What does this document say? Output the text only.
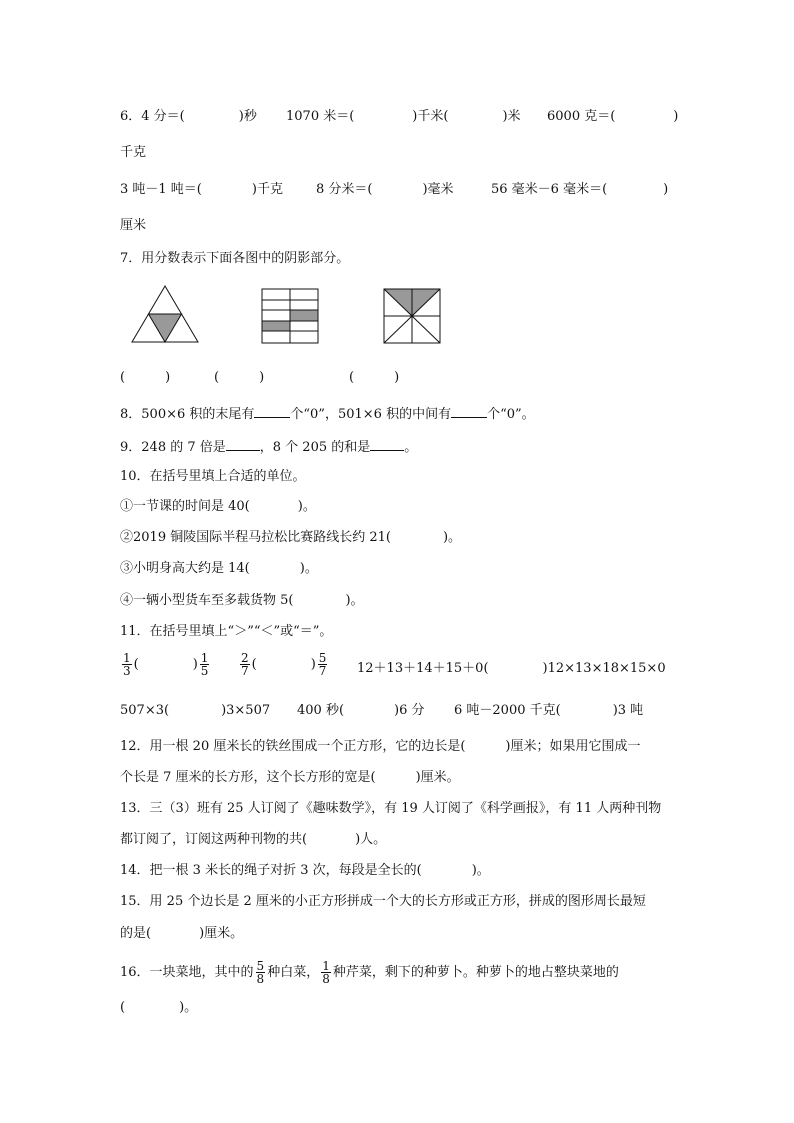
6．4 分＝(	)秒 1070 米＝(	)千米(	)米 6000 克＝(	)
千克
3 吨－1 吨＝(	)千克	8 分米＝(	)毫米	56 毫米－6 毫米＝(	)
厘米
7．用分数表示下面各图中的阴影部分。
(	)	(	)	(	)
8．500×6 积的末尾有	个“0”，501×6 积的中间有	个“0”。
9．248 的 7 倍是	，8 个 205 的和是	。
10．在括号里填上合适的单位。
①一节课的时间是 40(	)。
②2019 铜陵国际半程马拉松比赛路线长约 21(	)。
③小明身高大约是 14(	)。
④一辆小型货车至多载货物 5(	)。
11．在括号里填上“＞”“＜”或“＝”。
$\frac{1}{3}$ (	) $\frac{1}{5}$	$\frac{2}{7}$ (	) $\frac{5}{7} 12+13+14+15+0$(	)12×13×18×15×0
507×3(	)3×507 400 秒(	)6 分 6 吨－2000 千克(	)3 吨
12．用一根 20 厘米长的铁丝围成一个正方形，它的边长是(	)厘米；如果用它围成一
个长是 7 厘米的长方形，这个长方形的宽是(	)厘米。
13．三（3）班有 25 人订阅了《趣味数学》，有 19 人订阅了《科学画报》，有 11 人两种刊物
都订阅了，订阅这两种刊物的共(	)人。
14．把一根 3 米长的绳子对折 3 次，每段是全长的(	)。
15．用 25 个边长是 2 厘米的小正方形拼成一个大的长方形或正方形，拼成的图形周长最短
的是(	)厘米。
16．一块菜地，其中的 $\frac{5}{8}$ 种白菜， $\frac{1}{8}$ 种芹菜，剩下的种萝卜。种萝卜的地占整块菜地的
(	)。
